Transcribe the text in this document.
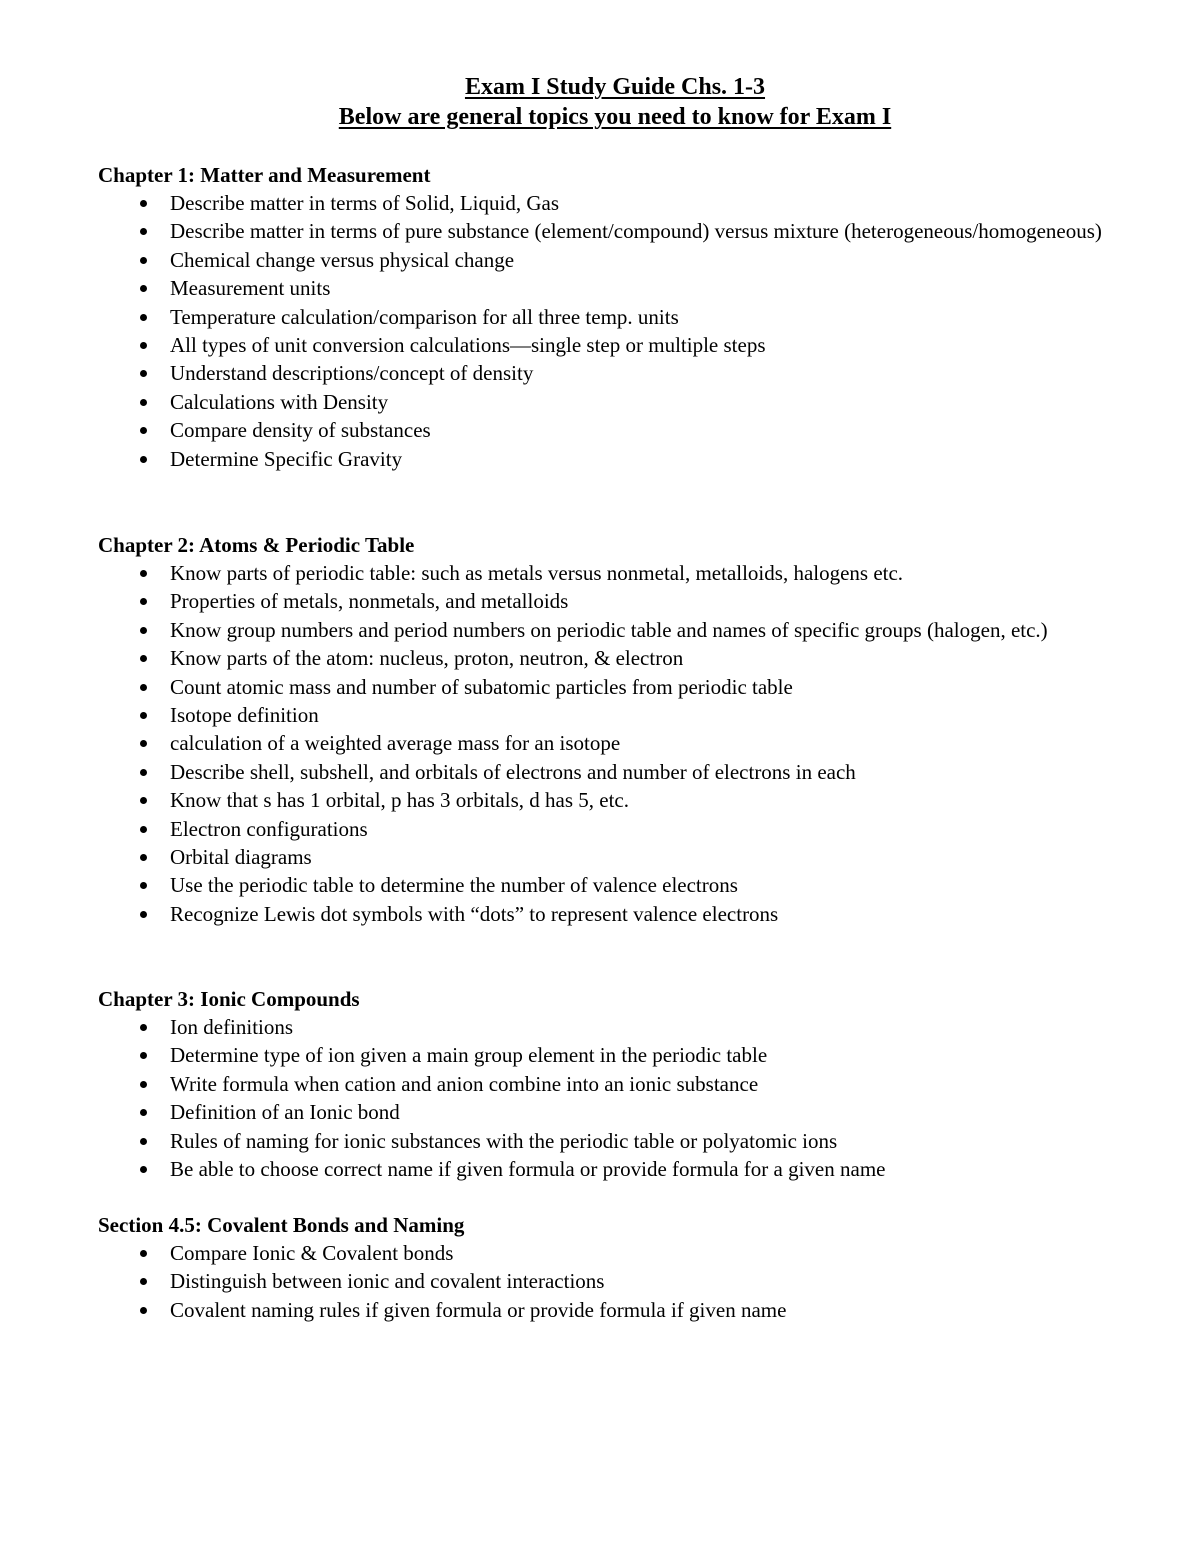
Exam I Study Guide Chs. 1-3
Below are general topics you need to know for Exam I
Chapter 1: Matter and Measurement
Describe matter in terms of Solid, Liquid, Gas
Describe matter in terms of pure substance (element/compound) versus mixture (heterogeneous/homogeneous)
Chemical change versus physical change
Measurement units
Temperature calculation/comparison for all three temp. units
All types of unit conversion calculations—single step or multiple steps
Understand descriptions/concept of density
Calculations with Density
Compare density of substances
Determine Specific Gravity
Chapter 2: Atoms & Periodic Table
Know parts of periodic table: such as metals versus nonmetal, metalloids, halogens etc.
Properties of metals, nonmetals, and metalloids
Know group numbers and period numbers on periodic table and names of specific groups (halogen, etc.)
Know parts of the atom: nucleus, proton, neutron, & electron
Count atomic mass and number of subatomic particles from periodic table
Isotope definition
calculation of a weighted average mass for an isotope
Describe shell, subshell, and orbitals of electrons and number of electrons in each
Know that s has 1 orbital, p has 3 orbitals, d has 5, etc.
Electron configurations
Orbital diagrams
Use the periodic table to determine the number of valence electrons
Recognize Lewis dot symbols with “dots” to represent valence electrons
Chapter 3: Ionic Compounds
Ion definitions
Determine type of ion given a main group element in the periodic table
Write formula when cation and anion combine into an ionic substance
Definition of an Ionic bond
Rules of naming for ionic substances with the periodic table or polyatomic ions
Be able to choose correct name if given formula or provide formula for a given name
Section 4.5: Covalent Bonds and Naming
Compare Ionic & Covalent bonds
Distinguish between ionic and covalent interactions
Covalent naming rules if given formula or provide formula if given name
